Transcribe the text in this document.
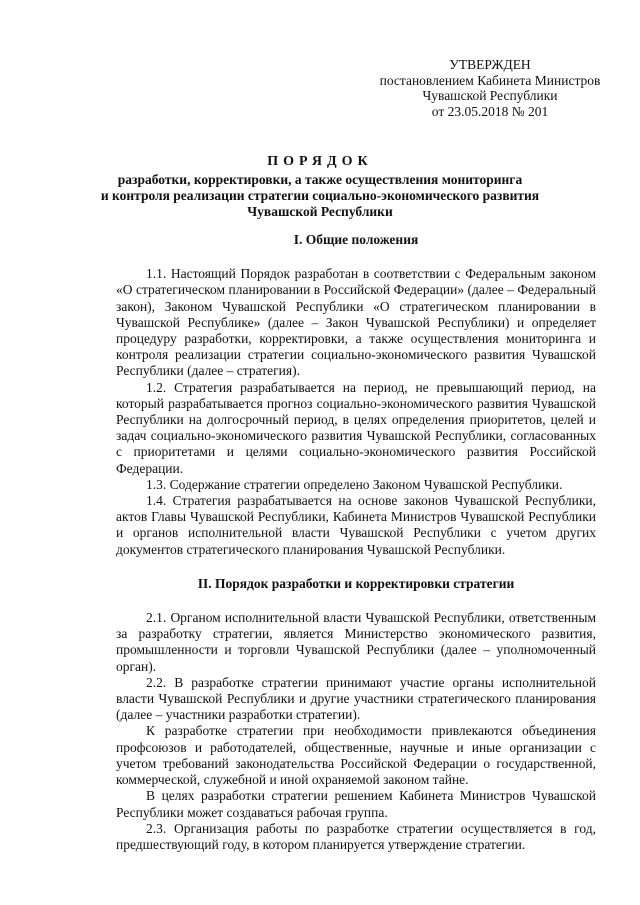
УТВЕРЖДЕН
постановлением Кабинета Министров
Чувашской Республики
от 23.05.2018 № 201
ПОРЯДОК
разработки, корректировки, а также осуществления мониторинга
и контроля реализации стратегии социально-экономического развития
Чувашской Республики

I. Общие положения

1.1. Настоящий Порядок разработан в соответствии с Федеральным законом «О стратегическом планировании в Российской Федерации» (далее – Федеральный закон), Законом Чувашской Республики «О стратегическом планировании в Чувашской Республике» (далее – Закон Чувашской Республики) и определяет процедуру разработки, корректировки, а также осуществления мониторинга и контроля реализации стратегии социально-экономического развития Чувашской Республики (далее – стратегия).

1.2. Стратегия разрабатывается на период, не превышающий период, на который разрабатывается прогноз социально-экономического развития Чувашской Республики на долгосрочный период, в целях определения приоритетов, целей и задач социально-экономического развития Чувашской Республики, согласованных с приоритетами и целями социально-экономического развития Российской Федерации.

1.3. Содержание стратегии определено Законом Чувашской Республики.

1.4. Стратегия разрабатывается на основе законов Чувашской Республики, актов Главы Чувашской Республики, Кабинета Министров Чувашской Республики и органов исполнительной власти Чувашской Республики с учетом других документов стратегического планирования Чувашской Республики.

II. Порядок разработки и корректировки стратегии

2.1. Органом исполнительной власти Чувашской Республики, ответственным за разработку стратегии, является Министерство экономического развития, промышленности и торговли Чувашской Республики (далее – уполномоченный орган).

2.2. В разработке стратегии принимают участие органы исполнительной власти Чувашской Республики и другие участники стратегического планирования (далее – участники разработки стратегии).

К разработке стратегии при необходимости привлекаются объединения профсоюзов и работодателей, общественные, научные и иные организации с учетом требований законодательства Российской Федерации о государственной, коммерческой, служебной и иной охраняемой законом тайне.

В целях разработки стратегии решением Кабинета Министров Чувашской Республики может создаваться рабочая группа.

2.3. Организация работы по разработке стратегии осуществляется в год, предшествующий году, в котором планируется утверждение стратегии.
